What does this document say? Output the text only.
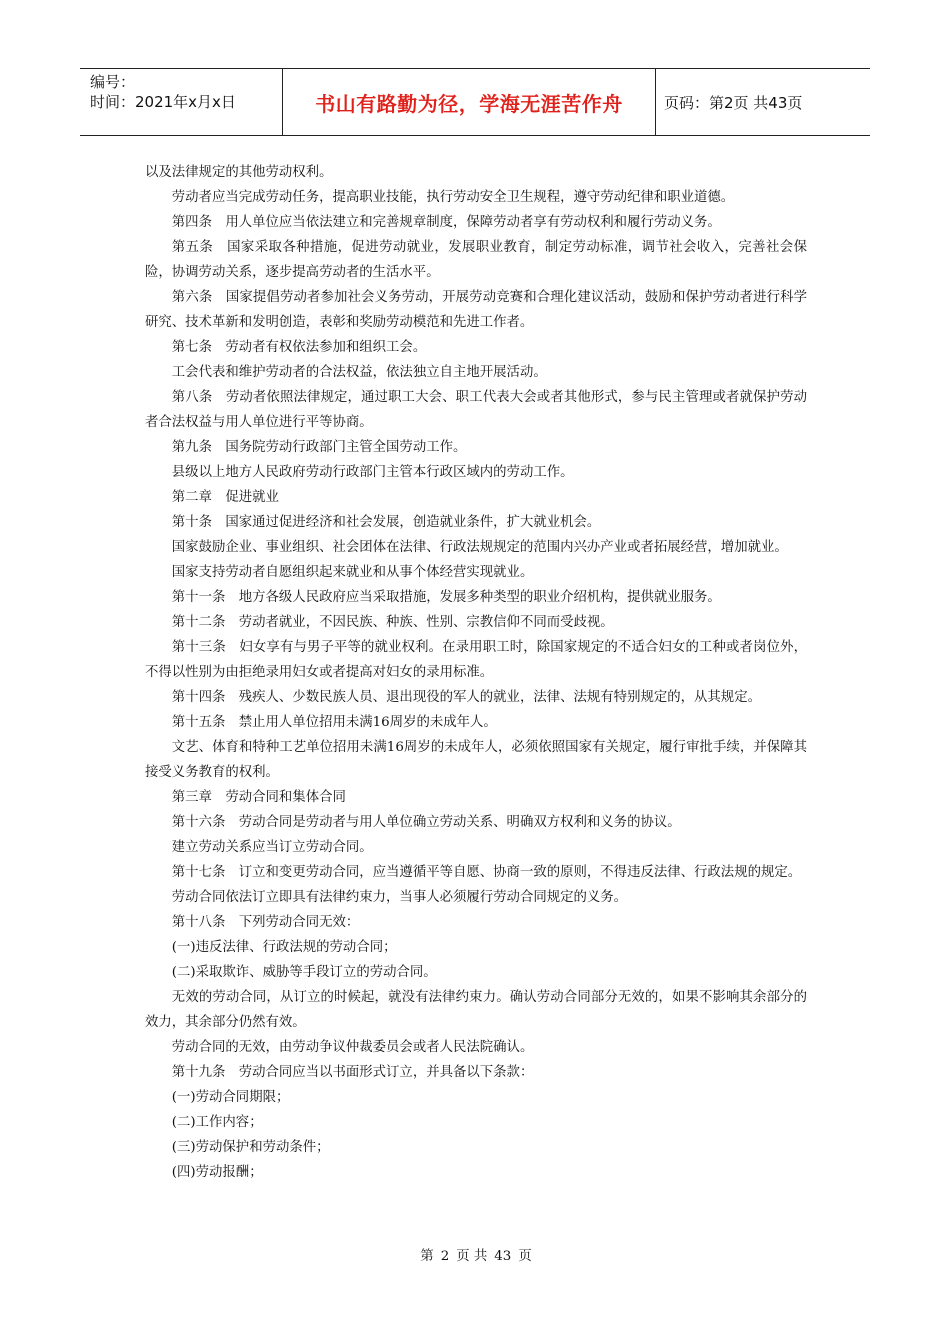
编号：
时间：2021年x月x日	书山有路勤为径，学海无涯苦作舟	页码：第2页 共43页

以及法律规定的其他劳动权利。

劳动者应当完成劳动任务，提高职业技能，执行劳动安全卫生规程，遵守劳动纪律和职业道德。

第四条　用人单位应当依法建立和完善规章制度，保障劳动者享有劳动权利和履行劳动义务。

第五条　国家采取各种措施，促进劳动就业，发展职业教育，制定劳动标准，调节社会收入，完善社会保险，协调劳动关系，逐步提高劳动者的生活水平。

第六条　国家提倡劳动者参加社会义务劳动，开展劳动竞赛和合理化建议活动，鼓励和保护劳动者进行科学研究、技术革新和发明创造，表彰和奖励劳动模范和先进工作者。

第七条　劳动者有权依法参加和组织工会。

工会代表和维护劳动者的合法权益，依法独立自主地开展活动。

第八条　劳动者依照法律规定，通过职工大会、职工代表大会或者其他形式，参与民主管理或者就保护劳动者合法权益与用人单位进行平等协商。

第九条　国务院劳动行政部门主管全国劳动工作。

县级以上地方人民政府劳动行政部门主管本行政区域内的劳动工作。

第二章　促进就业

第十条　国家通过促进经济和社会发展，创造就业条件，扩大就业机会。

国家鼓励企业、事业组织、社会团体在法律、行政法规规定的范围内兴办产业或者拓展经营，增加就业。

国家支持劳动者自愿组织起来就业和从事个体经营实现就业。

第十一条　地方各级人民政府应当采取措施，发展多种类型的职业介绍机构，提供就业服务。

第十二条　劳动者就业，不因民族、种族、性别、宗教信仰不同而受歧视。

第十三条　妇女享有与男子平等的就业权利。在录用职工时，除国家规定的不适合妇女的工种或者岗位外，不得以性别为由拒绝录用妇女或者提高对妇女的录用标准。

第十四条　残疾人、少数民族人员、退出现役的军人的就业，法律、法规有特别规定的，从其规定。

第十五条　禁止用人单位招用未满16周岁的未成年人。

文艺、体育和特种工艺单位招用未满16周岁的未成年人，必须依照国家有关规定，履行审批手续，并保障其接受义务教育的权利。

第三章　劳动合同和集体合同

第十六条　劳动合同是劳动者与用人单位确立劳动关系、明确双方权利和义务的协议。

建立劳动关系应当订立劳动合同。

第十七条　订立和变更劳动合同，应当遵循平等自愿、协商一致的原则，不得违反法律、行政法规的规定。

劳动合同依法订立即具有法律约束力，当事人必须履行劳动合同规定的义务。

第十八条　下列劳动合同无效：

(一)违反法律、行政法规的劳动合同；

(二)采取欺诈、威胁等手段订立的劳动合同。

无效的劳动合同，从订立的时候起，就没有法律约束力。确认劳动合同部分无效的，如果不影响其余部分的效力，其余部分仍然有效。

劳动合同的无效，由劳动争议仲裁委员会或者人民法院确认。

第十九条　劳动合同应当以书面形式订立，并具备以下条款：

(一)劳动合同期限；

(二)工作内容；

(三)劳动保护和劳动条件；

(四)劳动报酬；

第 2 页 共 43 页
